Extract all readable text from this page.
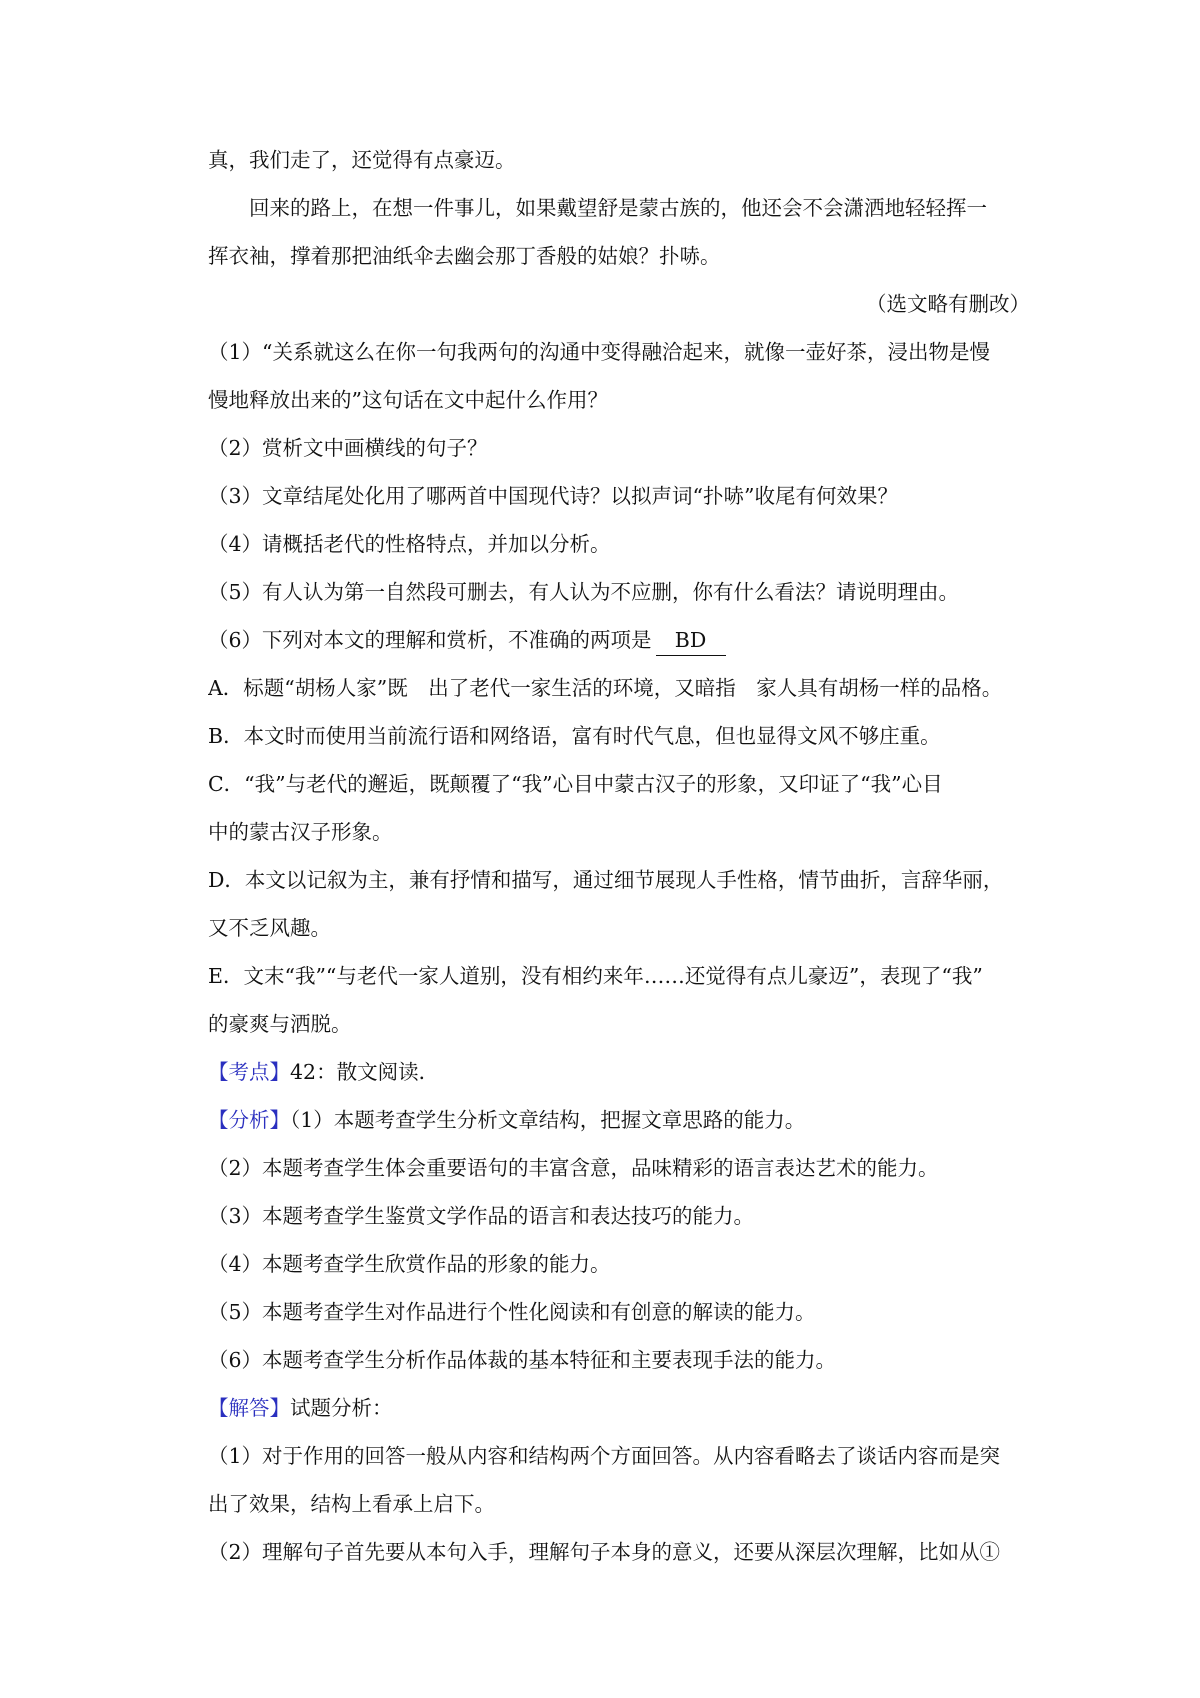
真，我们走了，还觉得有点豪迈。
　　回来的路上，在想一件事儿，如果戴望舒是蒙古族的，他还会不会潇洒地轻轻挥一
挥衣袖，撑着那把油纸伞去幽会那丁香般的姑娘？扑哧。
（选文略有删改）
（1）“关系就这么在你一句我两句的沟通中变得融洽起来，就像一壶好茶，浸出物是慢
慢地释放出来的”这句话在文中起什么作用？
（2）赏析文中画横线的句子？
（3）文章结尾处化用了哪两首中国现代诗？以拟声词“扑哧”收尾有何效果？
（4）请概括老代的性格特点，并加以分析。
（5）有人认为第一自然段可删去，有人认为不应删，你有什么看法？请说明理由。
（6）下列对本文的理解和赏析，不准确的两项是 BD
A．标题“胡杨人家”既　出了老代一家生活的环境，又暗指　家人具有胡杨一样的品格。
B．本文时而使用当前流行语和网络语，富有时代气息，但也显得文风不够庄重。
C．“我”与老代的邂逅，既颠覆了“我”心目中蒙古汉子的形象，又印证了“我”心目
中的蒙古汉子形象。
D．本文以记叙为主，兼有抒情和描写，通过细节展现人手性格，情节曲折，言辞华丽，
又不乏风趣。
E．文末“我”“与老代一家人道别，没有相约来年……还觉得有点儿豪迈”，表现了“我”
的豪爽与洒脱。
【考点】42：散文阅读．
【分析】（1）本题考查学生分析文章结构，把握文章思路的能力。
（2）本题考查学生体会重要语句的丰富含意，品味精彩的语言表达艺术的能力。
（3）本题考查学生鉴赏文学作品的语言和表达技巧的能力。
（4）本题考查学生欣赏作品的形象的能力。
（5）本题考查学生对作品进行个性化阅读和有创意的解读的能力。
（6）本题考查学生分析作品体裁的基本特征和主要表现手法的能力。
【解答】试题分析：
（1）对于作用的回答一般从内容和结构两个方面回答。从内容看略去了谈话内容而是突
出了效果，结构上看承上启下。
（2）理解句子首先要从本句入手，理解句子本身的意义，还要从深层次理解，比如从①
